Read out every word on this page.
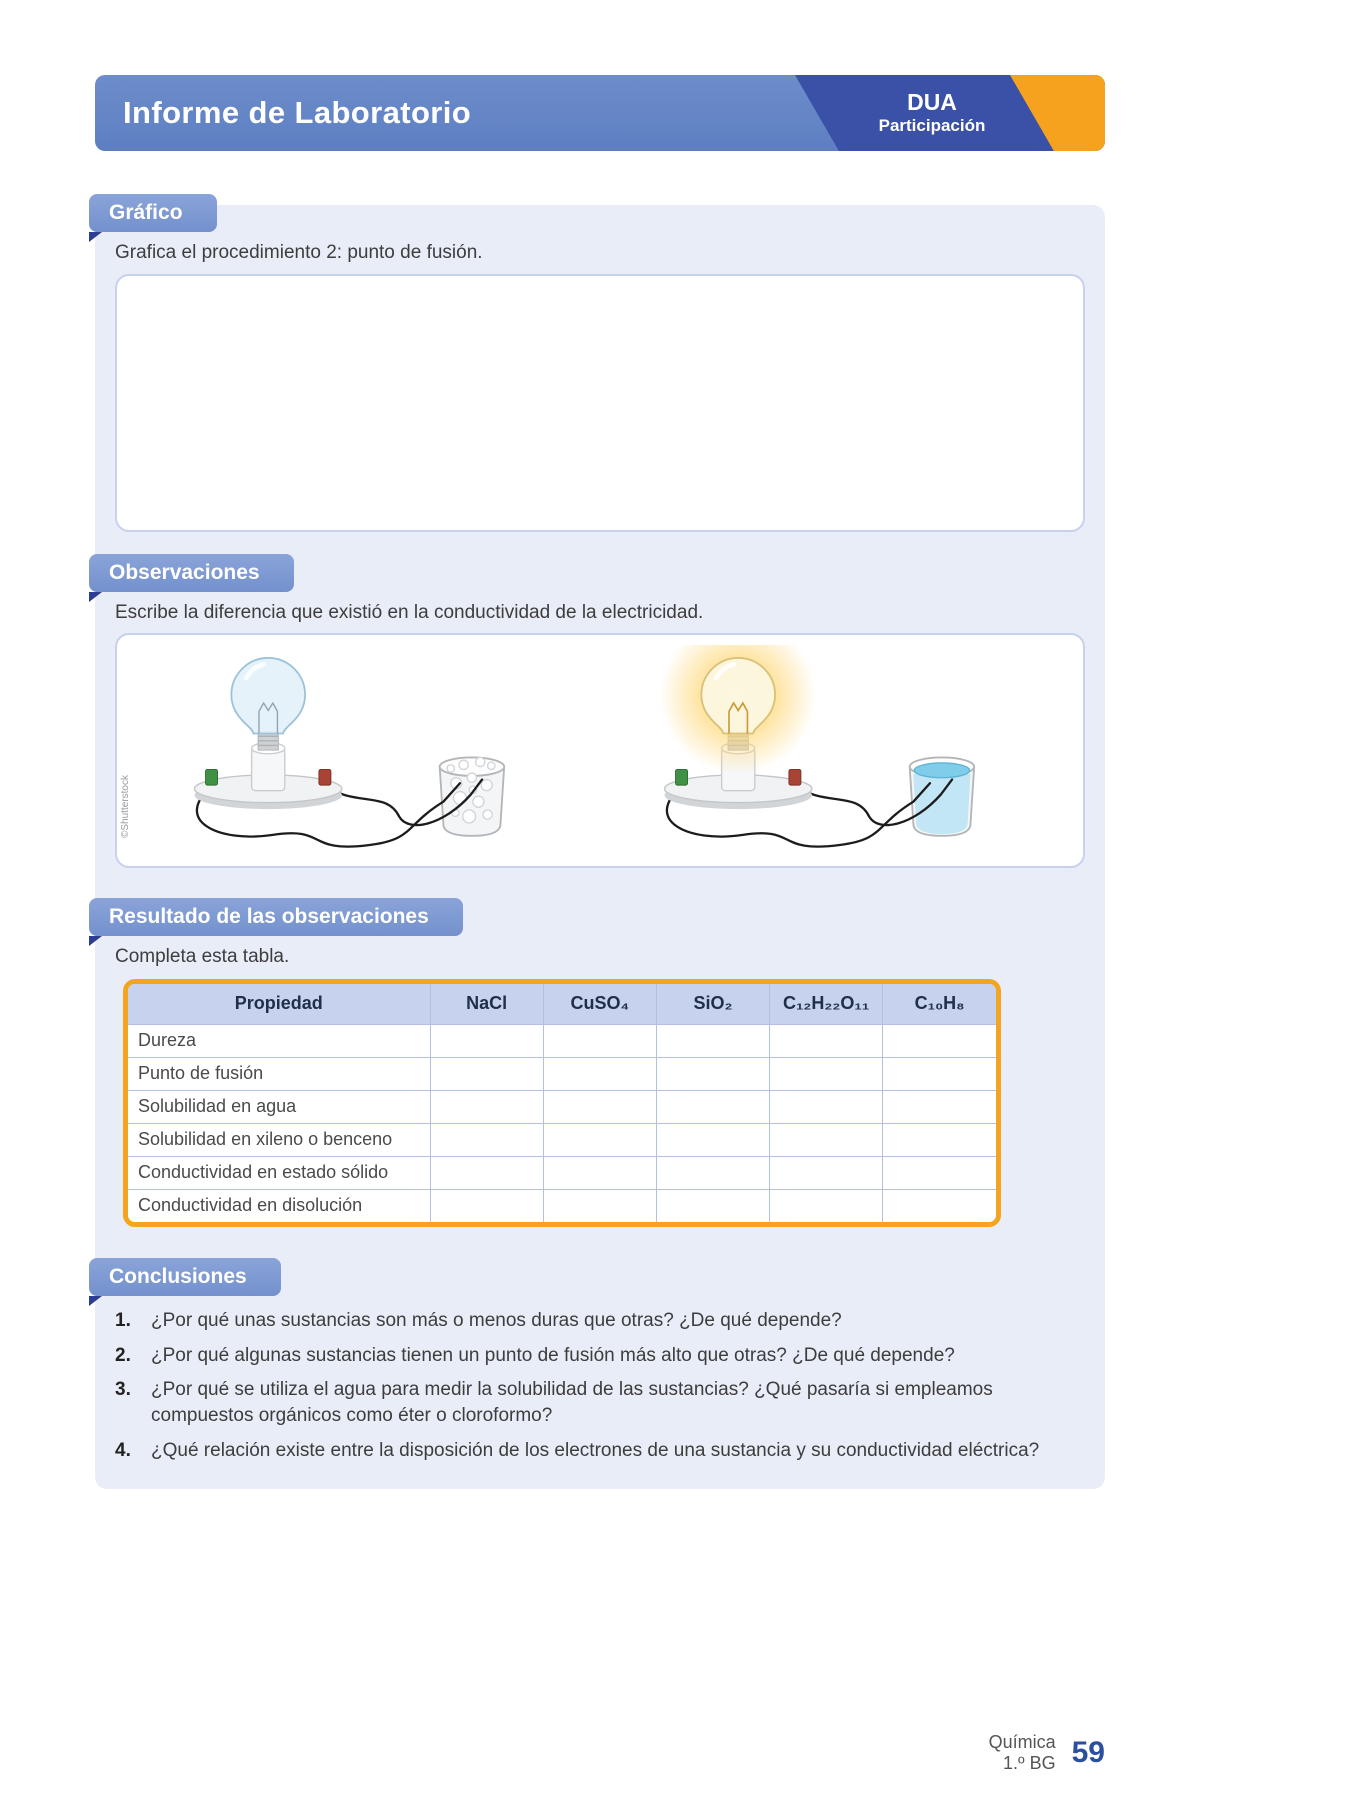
Informe de Laboratorio	DUA
Participación
Gráfico

Grafica el procedimiento 2: punto de fusión.

Observaciones

Escribe la diferencia que existió en la conductividad de la electricidad.

©Shutterstock
Resultado de las observaciones

Completa esta tabla.

Propiedad	NaCl	CuSO₄	SiO₂	C₁₂H₂₂O₁₁	C₁₀H₈
Dureza					
Punto de fusión					
Solubilidad en agua					
Solubilidad en xileno o benceno					
Conductividad en estado sólido					
Conductividad en disolución					
Conclusiones
1.	¿Por qué unas sustancias son más o menos duras que otras? ¿De qué depende?
2.	¿Por qué algunas sustancias tienen un punto de fusión más alto que otras? ¿De qué depende?
3.	¿Por qué se utiliza el agua para medir la solubilidad de las sustancias? ¿Qué pasaría si empleamos compuestos orgánicos como éter o cloroformo?
4.	¿Qué relación existe entre la disposición de los electrones de una sustancia y su conductividad eléctrica?
Química
1.º BG 59
